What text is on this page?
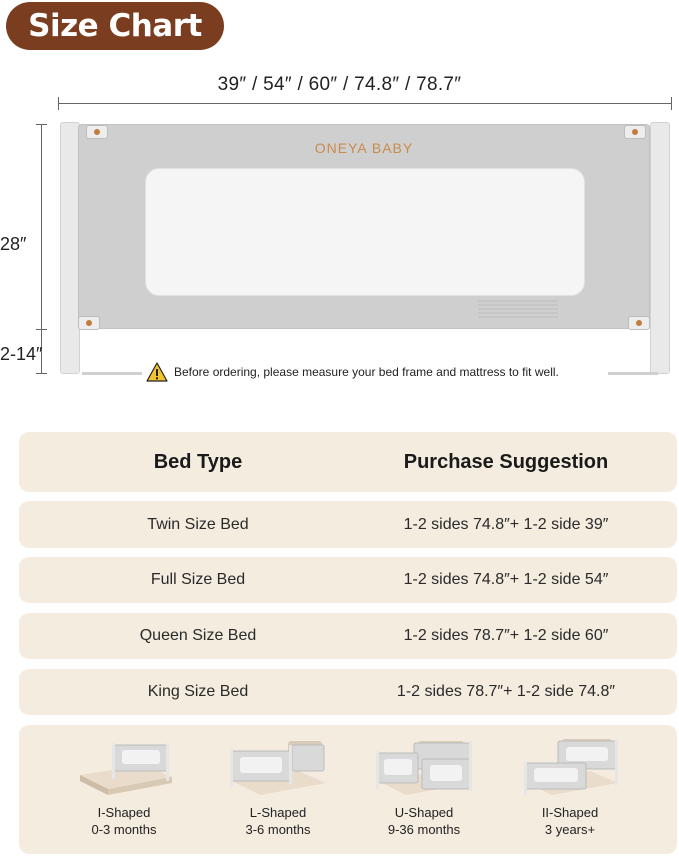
Size Chart
39″ / 54″ / 60″ / 74.8″ / 78.7″
28″
2-14″
ONEYA BABY
Before ordering, please measure your bed frame and mattress to fit well.
Bed Type	Purchase Suggestion
Twin Size Bed	1-2 sides 74.8″+ 1-2 side 39″
Full Size Bed	1-2 sides 74.8″+ 1-2 side 54″
Queen Size Bed	1-2 sides 78.7″+ 1-2 side 60″
King Size Bed	1-2 sides 78.7″+ 1-2 side 74.8″
I-Shaped
0-3 months
L-Shaped
3-6 months
U-Shaped
9-36 months
II-Shaped
3 years+
